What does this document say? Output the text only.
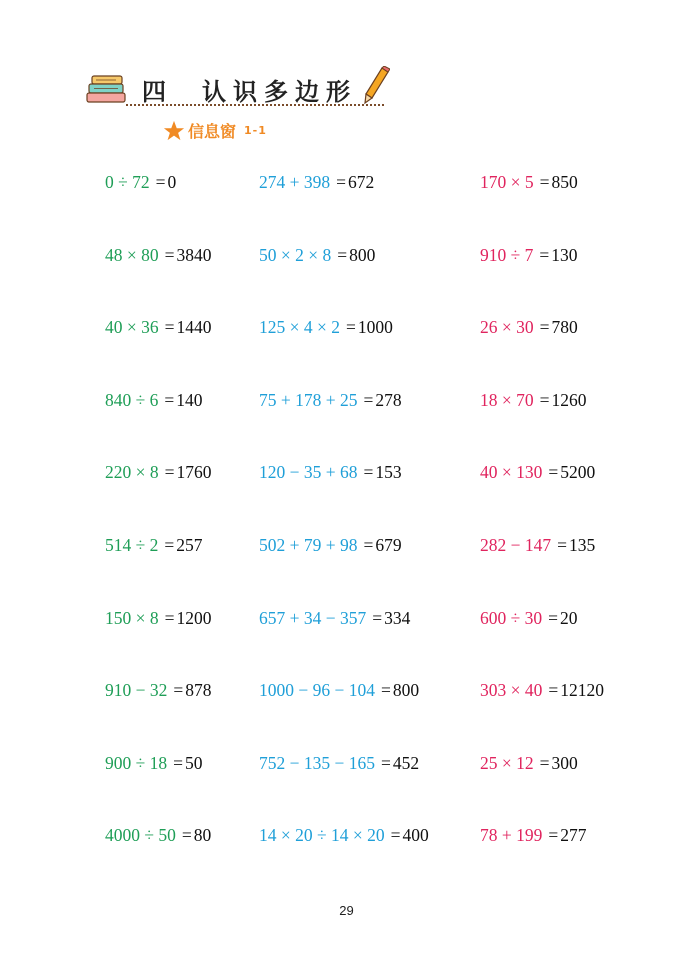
四 认识多边形
信息窗 1-1
0 ÷ 72 = 0	274 + 398 = 672	170 × 5 = 850
48 × 80 = 3840	50 × 2 × 8 = 800	910 ÷ 7 = 130
40 × 36 = 1440	125 × 4 × 2 = 1000	26 × 30 = 780
840 ÷ 6 = 140	75 + 178 + 25 = 278	18 × 70 = 1260
220 × 8 = 1760	120 − 35 + 68 = 153	40 × 130 = 5200
514 ÷ 2 = 257	502 + 79 + 98 = 679	282 − 147 = 135
150 × 8 = 1200	657 + 34 − 357 = 334	600 ÷ 30 = 20
910 − 32 = 878	1000 − 96 − 104 = 800	303 × 40 = 12120
900 ÷ 18 = 50	752 − 135 − 165 = 452	25 × 12 = 300
4000 ÷ 50 = 80	14 × 20 ÷ 14 × 20 = 400	78 + 199 = 277
29
